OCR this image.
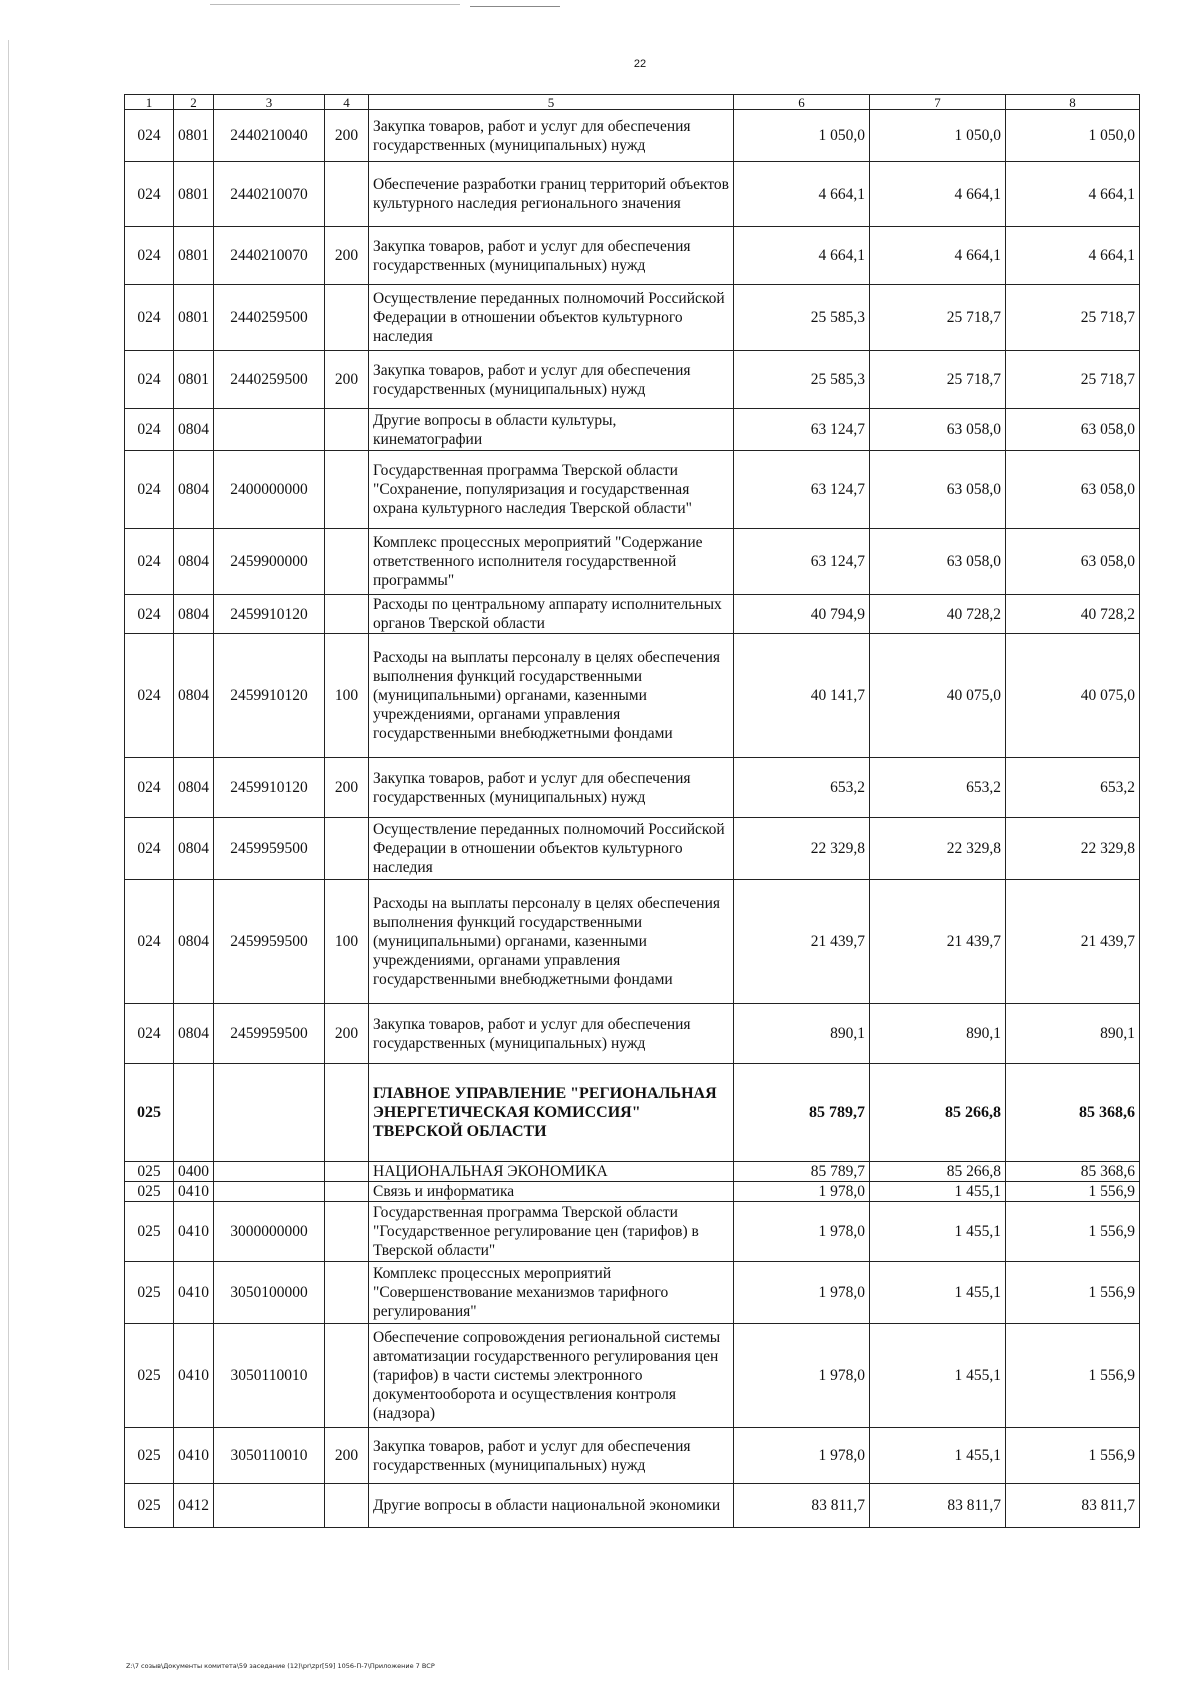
22
1	2	3	4	5	6	7	8
024	0801	2440210040	200	Закупка товаров, работ и услуг для обеспечения государственных (муниципальных) нужд	1 050,0	1 050,0	1 050,0
024	0801	2440210070		Обеспечение разработки границ территорий объектов культурного наследия регионального значения	4 664,1	4 664,1	4 664,1
024	0801	2440210070	200	Закупка товаров, работ и услуг для обеспечения государственных (муниципальных) нужд	4 664,1	4 664,1	4 664,1
024	0801	2440259500		Осуществление переданных полномочий Российской Федерации в отношении объектов культурного наследия	25 585,3	25 718,7	25 718,7
024	0801	2440259500	200	Закупка товаров, работ и услуг для обеспечения государственных (муниципальных) нужд	25 585,3	25 718,7	25 718,7
024	0804			Другие вопросы в области культуры, кинематографии	63 124,7	63 058,0	63 058,0
024	0804	2400000000		Государственная программа Тверской области "Сохранение, популяризация и государственная охрана культурного наследия Тверской области"	63 124,7	63 058,0	63 058,0
024	0804	2459900000		Комплекс процессных мероприятий "Содержание ответственного исполнителя государственной программы"	63 124,7	63 058,0	63 058,0
024	0804	2459910120		Расходы по центральному аппарату исполнительных органов Тверской области	40 794,9	40 728,2	40 728,2
024	0804	2459910120	100	Расходы на выплаты персоналу в целях обеспечения выполнения функций государственными (муниципальными) органами, казенными учреждениями, органами управления государственными внебюджетными фондами	40 141,7	40 075,0	40 075,0
024	0804	2459910120	200	Закупка товаров, работ и услуг для обеспечения государственных (муниципальных) нужд	653,2	653,2	653,2
024	0804	2459959500		Осуществление переданных полномочий Российской Федерации в отношении объектов культурного наследия	22 329,8	22 329,8	22 329,8
024	0804	2459959500	100	Расходы на выплаты персоналу в целях обеспечения выполнения функций государственными (муниципальными) органами, казенными учреждениями, органами управления государственными внебюджетными фондами	21 439,7	21 439,7	21 439,7
024	0804	2459959500	200	Закупка товаров, работ и услуг для обеспечения государственных (муниципальных) нужд	890,1	890,1	890,1
025				ГЛАВНОЕ УПРАВЛЕНИЕ "РЕГИОНАЛЬНАЯ ЭНЕРГЕТИЧЕСКАЯ КОМИССИЯ" ТВЕРСКОЙ ОБЛАСТИ	85 789,7	85 266,8	85 368,6
025	0400			НАЦИОНАЛЬНАЯ ЭКОНОМИКА	85 789,7	85 266,8	85 368,6
025	0410			Связь и информатика	1 978,0	1 455,1	1 556,9
025	0410	3000000000		Государственная программа Тверской области "Государственное регулирование цен (тарифов) в Тверской области"	1 978,0	1 455,1	1 556,9
025	0410	3050100000		Комплекс процессных мероприятий "Совершенствование механизмов тарифного регулирования"	1 978,0	1 455,1	1 556,9
025	0410	3050110010		Обеспечение сопровождения региональной системы автоматизации государственного регулирования цен (тарифов) в части системы электронного документооборота и осуществления контроля (надзора)	1 978,0	1 455,1	1 556,9
025	0410	3050110010	200	Закупка товаров, работ и услуг для обеспечения государственных (муниципальных) нужд	1 978,0	1 455,1	1 556,9
025	0412			Другие вопросы в области национальной экономики	83 811,7	83 811,7	83 811,7
Z:\7 созыв\Документы комитета\59 заседание (12)\pr\zpr[59] 1056-П-7\Приложение 7 ВСР
